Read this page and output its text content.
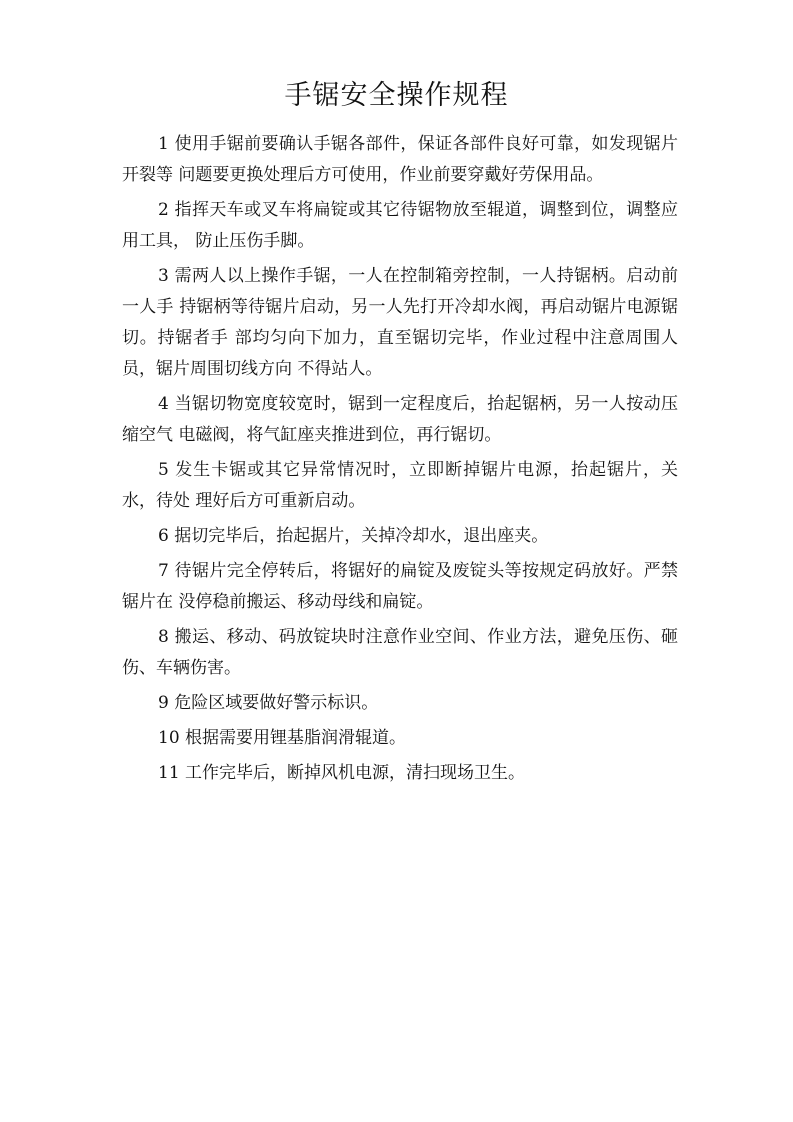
手锯安全操作规程

1 使用手锯前要确认手锯各部件，保证各部件良好可靠，如发现锯片开裂等 问题要更换处理后方可使用，作业前要穿戴好劳保用品。

2 指挥天车或叉车将扁锭或其它待锯物放至辊道，调整到位，调整应用工具， 防止压伤手脚。

3 需两人以上操作手锯，一人在控制箱旁控制，一人持锯柄。启动前一人手 持锯柄等待锯片启动，另一人先打开冷却水阀，再启动锯片电源锯切。持锯者手 部均匀向下加力，直至锯切完毕，作业过程中注意周围人员，锯片周围切线方向 不得站人。

4 当锯切物宽度较宽时，锯到一定程度后，抬起锯柄，另一人按动压缩空气 电磁阀，将气缸座夹推进到位，再行锯切。

5 发生卡锯或其它异常情况时，立即断掉锯片电源，抬起锯片，关水，待处 理好后方可重新启动。

6 据切完毕后，抬起据片，关掉冷却水，退出座夹。

7 待锯片完全停转后，将锯好的扁锭及废锭头等按规定码放好。严禁锯片在 没停稳前搬运、移动母线和扁锭。

8 搬运、移动、码放锭块时注意作业空间、作业方法，避免压伤、砸伤、车辆伤害。

9 危险区域要做好警示标识。

10 根据需要用锂基脂润滑辊道。

11 工作完毕后，断掉风机电源，清扫现场卫生。
